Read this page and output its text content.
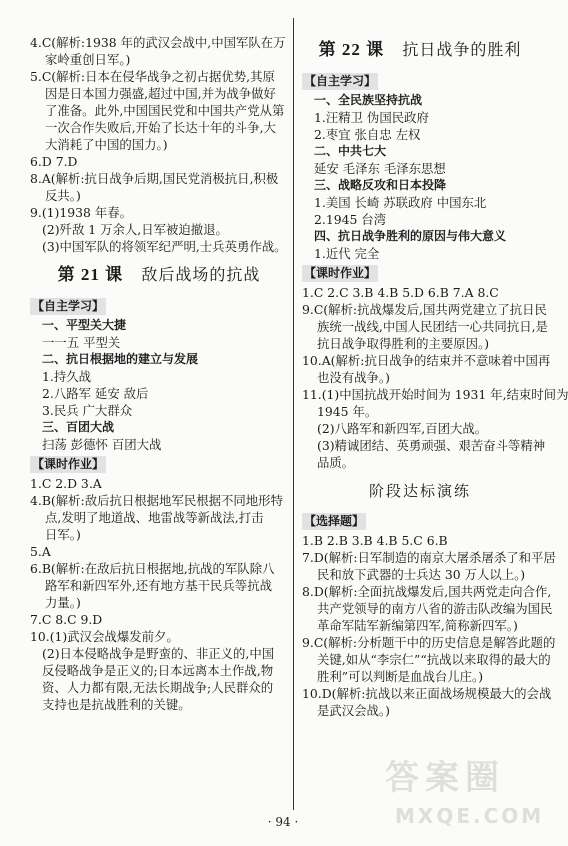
4.C(解析:1938 年的武汉会战中,中国军队在万
家岭重创日军。)
5.C(解析:日本在侵华战争之初占据优势,其原
因是日本国力强盛,超过中国,并为战争做好
了准备。此外,中国国民党和中国共产党从第
一次合作失败后,开始了长达十年的斗争,大
大消耗了中国的国力。)
6.D 7.D
8.A(解析:抗日战争后期,国民党消极抗日,积极
反共。)
9.(1)1938 年春。
(2)歼敌 1 万余人,日军被迫撤退。
(3)中国军队的将领军纪严明,士兵英勇作战。
第 21 课 敌后战场的抗战
【自主学习】
一、平型关大捷
一一五 平型关
二、抗日根据地的建立与发展
1.持久战
2.八路军 延安 敌后
3.民兵 广大群众
三、百团大战
扫荡 彭德怀 百团大战
【课时作业】
1.C 2.D 3.A
4.B(解析:敌后抗日根据地军民根据不同地形特
点,发明了地道战、地雷战等新战法,打击
日军。)
5.A
6.B(解析:在敌后抗日根据地,抗战的军队除八
路军和新四军外,还有地方基干民兵等抗战
力量。)
7.C 8.C 9.D
10.(1)武汉会战爆发前夕。
(2)日本侵略战争是野蛮的、非正义的,中国
反侵略战争是正义的;日本远离本土作战,物
资、人力都有限,无法长期战争;人民群众的
支持也是抗战胜利的关键。
第 22 课 抗日战争的胜利
【自主学习】
一、全民族坚持抗战
1.汪精卫 伪国民政府
2.枣宜 张自忠 左权
二、中共七大
延安 毛泽东 毛泽东思想
三、战略反攻和日本投降
1.美国 长崎 苏联政府 中国东北
2.1945 台湾
四、抗日战争胜利的原因与伟大意义
1.近代 完全
【课时作业】
1.C 2.C 3.B 4.B 5.D 6.B 7.A 8.C
9.C(解析:抗战爆发后,国共两党建立了抗日民
族统一战线,中国人民团结一心共同抗日,是
抗日战争取得胜利的主要原因。)
10.A(解析:抗日战争的结束并不意味着中国再
也没有战争。)
11.(1)中国抗战开始时间为 1931 年,结束时间为
1945 年。
(2)八路军和新四军,百团大战。
(3)精诚团结、英勇顽强、艰苦奋斗等精神
品质。
阶段达标演练
【选择题】
1.B 2.B 3.B 4.B 5.C 6.B
7.D(解析:日军制造的南京大屠杀屠杀了和平居
民和放下武器的士兵达 30 万人以上。)
8.D(解析:全面抗战爆发后,国共两党走向合作,
共产党领导的南方八省的游击队改编为国民
革命军陆军新编第四军,简称新四军。)
9.C(解析:分析题干中的历史信息是解答此题的
关键,如从“李宗仁”“抗战以来取得的最大的
胜利”可以判断是血战台儿庄。)
10.D(解析:抗战以来正面战场规模最大的会战
是武汉会战。)
· 94 ·
答案圈
MXQE.COM
